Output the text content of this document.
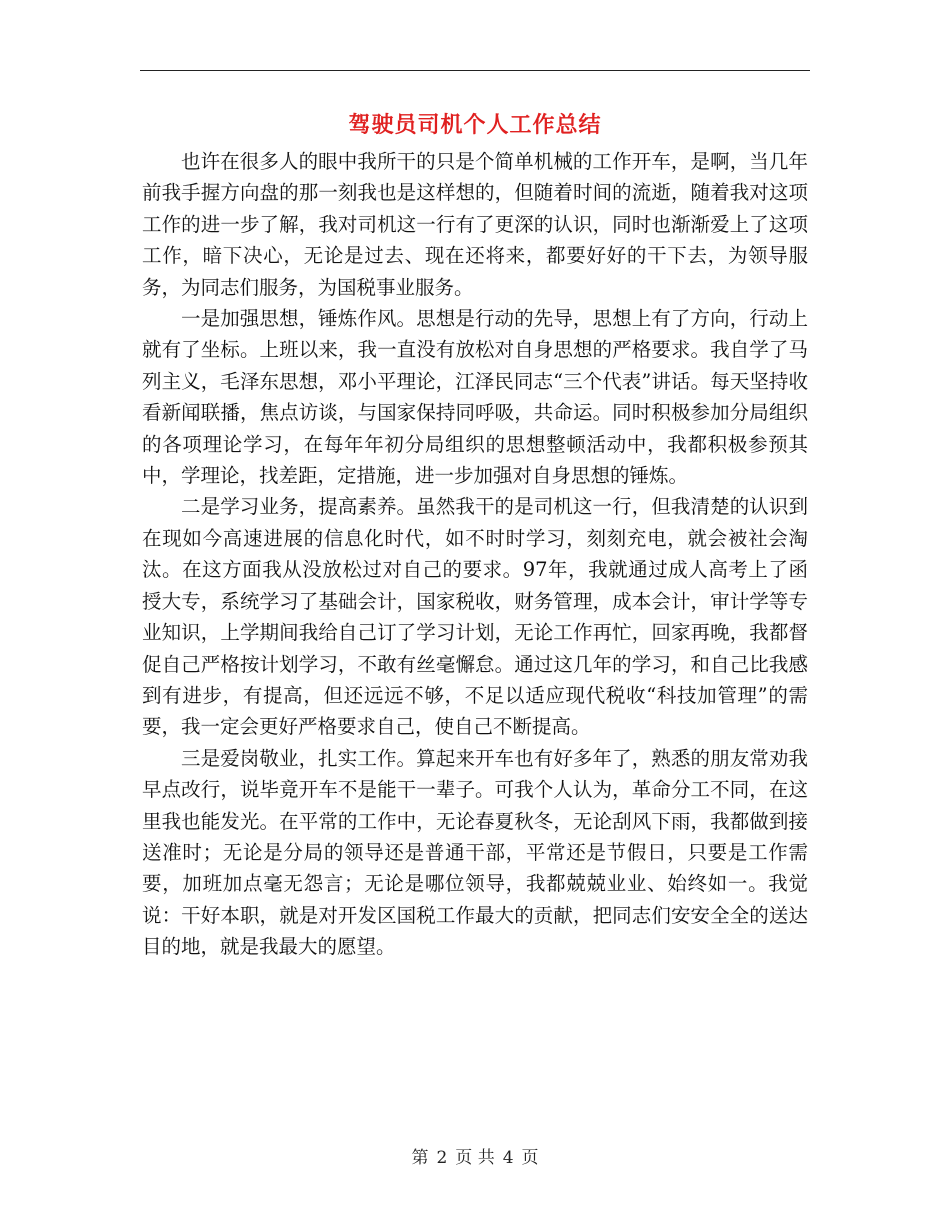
驾驶员司机个人工作总结

也许在很多人的眼中我所干的只是个简单机械的工作开车，是啊，当几年前我手握方向盘的那一刻我也是这样想的，但随着时间的流逝，随着我对这项工作的进一步了解，我对司机这一行有了更深的认识，同时也渐渐爱上了这项工作，暗下决心，无论是过去、现在还将来，都要好好的干下去，为领导服务，为同志们服务，为国税事业服务。

一是加强思想，锤炼作风。思想是行动的先导，思想上有了方向，行动上就有了坐标。上班以来，我一直没有放松对自身思想的严格要求。我自学了马列主义，毛泽东思想，邓小平理论，江泽民同志“三个代表”讲话。每天坚持收看新闻联播，焦点访谈，与国家保持同呼吸，共命运。同时积极参加分局组织的各项理论学习，在每年年初分局组织的思想整顿活动中，我都积极参预其中，学理论，找差距，定措施，进一步加强对自身思想的锤炼。

二是学习业务，提高素养。虽然我干的是司机这一行，但我清楚的认识到在现如今高速进展的信息化时代，如不时时学习，刻刻充电，就会被社会淘汰。在这方面我从没放松过对自己的要求。97年，我就通过成人高考上了函授大专，系统学习了基础会计，国家税收，财务管理，成本会计，审计学等专业知识，上学期间我给自己订了学习计划，无论工作再忙，回家再晚，我都督促自己严格按计划学习，不敢有丝毫懈怠。通过这几年的学习，和自己比我感到有进步，有提高，但还远远不够，不足以适应现代税收“科技加管理”的需要，我一定会更好严格要求自己，使自己不断提高。

三是爱岗敬业，扎实工作。算起来开车也有好多年了，熟悉的朋友常劝我早点改行，说毕竟开车不是能干一辈子。可我个人认为，革命分工不同，在这里我也能发光。在平常的工作中，无论春夏秋冬，无论刮风下雨，我都做到接送准时；无论是分局的领导还是普通干部，平常还是节假日，只要是工作需要，加班加点毫无怨言；无论是哪位领导，我都兢兢业业、始终如一。我觉说：干好本职，就是对开发区国税工作最大的贡献，把同志们安安全全的送达目的地，就是我最大的愿望。

第 2 页 共 4 页
